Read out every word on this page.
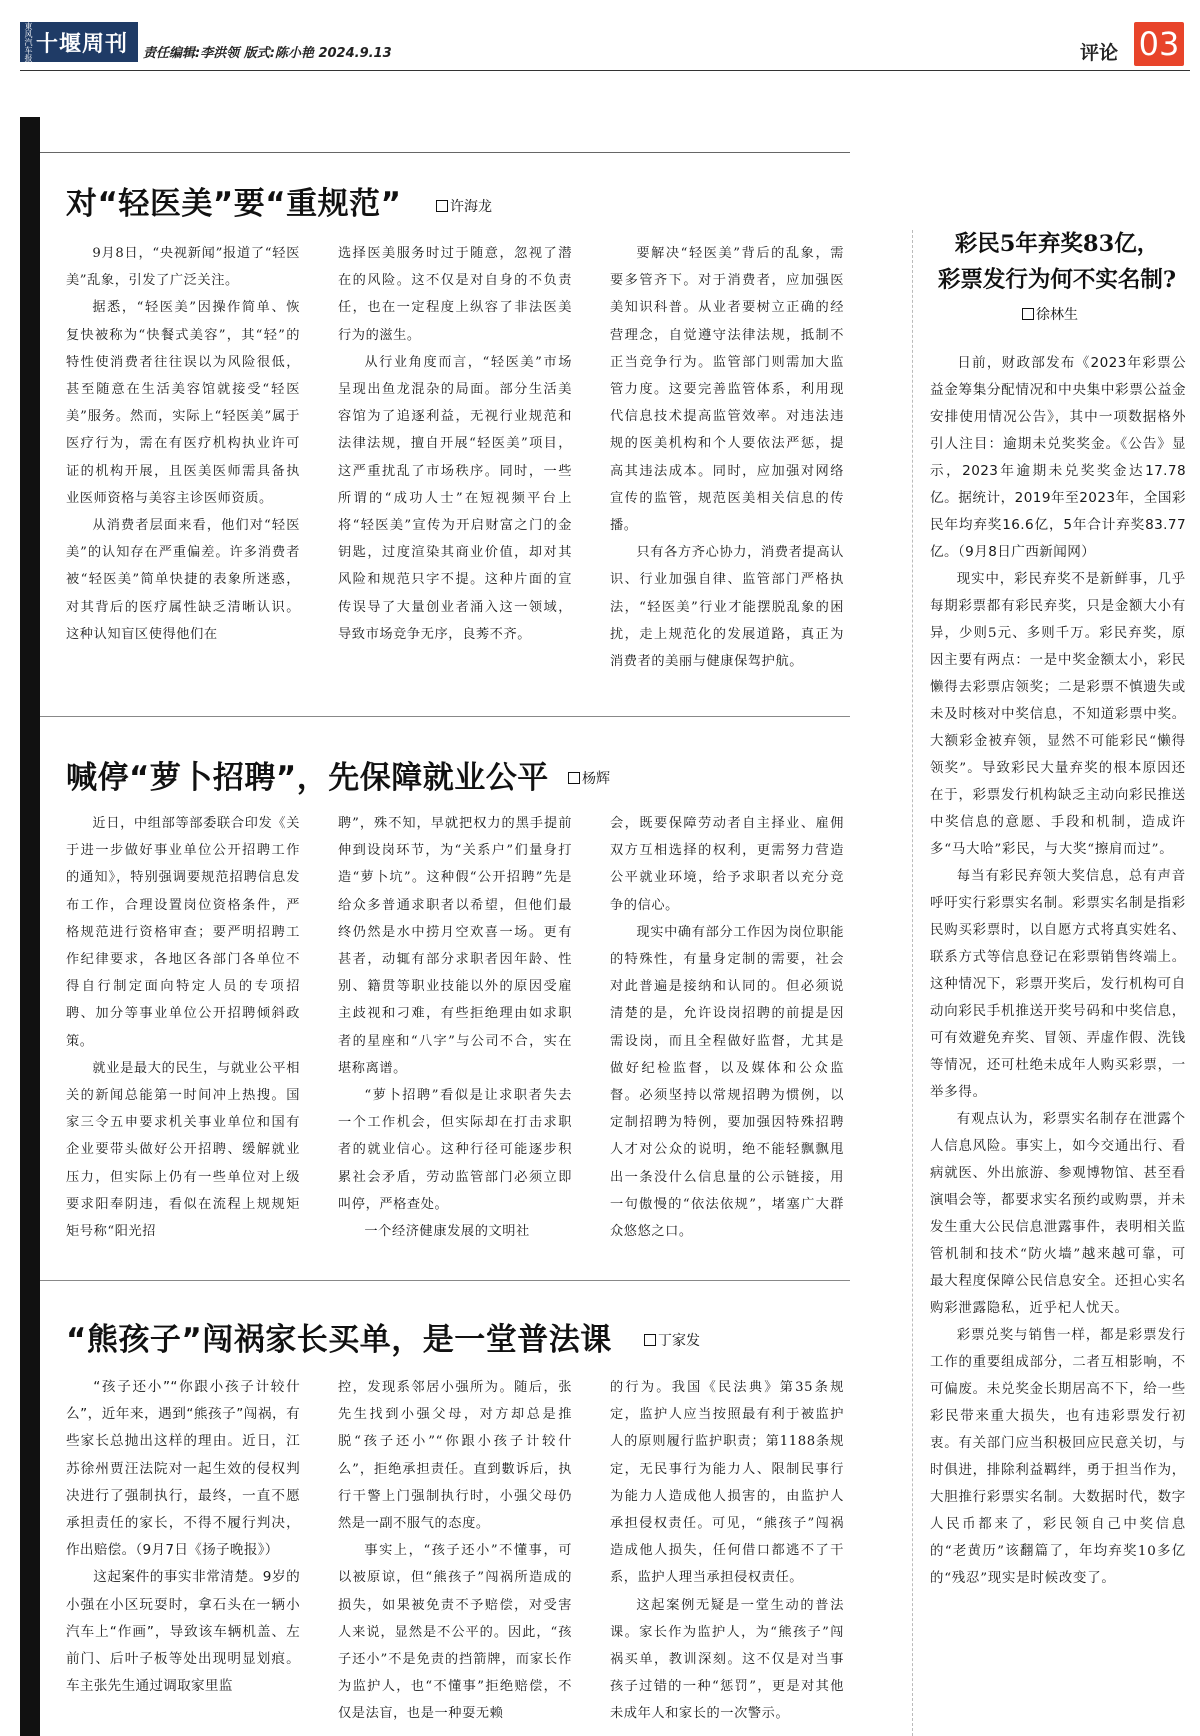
東风汽车报 十堰周刊 责任编辑:李洪领 版式:陈小艳 2024.9.13	评论 03
对“轻医美”要“重规范”	许海龙

9月8日，“央视新闻”报道了“轻医美”乱象，引发了广泛关注。

据悉，“轻医美”因操作简单、恢复快被称为“快餐式美容”，其“轻”的特性使消费者往往误以为风险很低，甚至随意在生活美容馆就接受“轻医美”服务。然而，实际上“轻医美”属于医疗行为，需在有医疗机构执业许可证的机构开展，且医美医师需具备执业医师资格与美容主诊医师资质。

从消费者层面来看，他们对“轻医美”的认知存在严重偏差。许多消费者被“轻医美”简单快捷的表象所迷惑，对其背后的医疗属性缺乏清晰认识。这种认知盲区使得他们在

选择医美服务时过于随意，忽视了潜在的风险。这不仅是对自身的不负责任，也在一定程度上纵容了非法医美行为的滋生。

从行业角度而言，“轻医美”市场呈现出鱼龙混杂的局面。部分生活美容馆为了追逐利益，无视行业规范和法律法规，擅自开展“轻医美”项目，这严重扰乱了市场秩序。同时，一些所谓的“成功人士”在短视频平台上将“轻医美”宣传为开启财富之门的金钥匙，过度渲染其商业价值，却对其风险和规范只字不提。这种片面的宣传误导了大量创业者涌入这一领域，导致市场竞争无序，良莠不齐。

要解决“轻医美”背后的乱象，需要多管齐下。对于消费者，应加强医美知识科普。从业者要树立正确的经营理念，自觉遵守法律法规，抵制不正当竞争行为。监管部门则需加大监管力度。这要完善监管体系，利用现代信息技术提高监管效率。对违法违规的医美机构和个人要依法严惩，提高其违法成本。同时，应加强对网络宣传的监管，规范医美相关信息的传播。

只有各方齐心协力，消费者提高认识、行业加强自律、监管部门严格执法，“轻医美”行业才能摆脱乱象的困扰，走上规范化的发展道路，真正为消费者的美丽与健康保驾护航。

喊停“萝卜招聘”，先保障就业公平	杨辉

近日，中组部等部委联合印发《关于进一步做好事业单位公开招聘工作的通知》，特别强调要规范招聘信息发布工作，合理设置岗位资格条件，严格规范进行资格审查；要严明招聘工作纪律要求，各地区各部门各单位不得自行制定面向特定人员的专项招聘、加分等事业单位公开招聘倾斜政策。

就业是最大的民生，与就业公平相关的新闻总能第一时间冲上热搜。国家三令五申要求机关事业单位和国有企业要带头做好公开招聘、缓解就业压力，但实际上仍有一些单位对上级要求阳奉阴违，看似在流程上规规矩矩号称“阳光招

聘”，殊不知，早就把权力的黑手提前伸到设岗环节，为“关系户”们量身打造“萝卜坑”。这种假“公开招聘”先是给众多普通求职者以希望，但他们最终仍然是水中捞月空欢喜一场。更有甚者，动辄有部分求职者因年龄、性别、籍贯等职业技能以外的原因受雇主歧视和刁难，有些拒绝理由如求职者的星座和“八字”与公司不合，实在堪称离谱。

“萝卜招聘”看似是让求职者失去一个工作机会，但实际却在打击求职者的就业信心。这种行径可能逐步积累社会矛盾，劳动监管部门必须立即叫停，严格查处。

一个经济健康发展的文明社

会，既要保障劳动者自主择业、雇佣双方互相选择的权利，更需努力营造公平就业环境，给予求职者以充分竞争的信心。

现实中确有部分工作因为岗位职能的特殊性，有量身定制的需要，社会对此普遍是接纳和认同的。但必须说清楚的是，允许设岗招聘的前提是因需设岗，而且全程做好监督，尤其是做好纪检监督，以及媒体和公众监督。必须坚持以常规招聘为惯例，以定制招聘为特例，要加强因特殊招聘人才对公众的说明，绝不能轻飘飘甩出一条没什么信息量的公示链接，用一句傲慢的“依法依规”，堵塞广大群众悠悠之口。

“熊孩子”闯祸家长买单，是一堂普法课	丁家发

“孩子还小”“你跟小孩子计较什么”，近年来，遇到“熊孩子”闯祸，有些家长总抛出这样的理由。近日，江苏徐州贾汪法院对一起生效的侵权判决进行了强制执行，最终，一直不愿承担责任的家长，不得不履行判决，作出赔偿。（9月7日《扬子晚报》）

这起案件的事实非常清楚。9岁的小强在小区玩耍时，拿石头在一辆小汽车上“作画”，导致该车辆机盖、左前门、后叶子板等处出现明显划痕。车主张先生通过调取家里监

控，发现系邻居小强所为。随后，张先生找到小强父母，对方却总是推脱“孩子还小”“你跟小孩子计较什么”，拒绝承担责任。直到數诉后，执行干警上门强制执行时，小强父母仍然是一副不服气的态度。

事实上，“孩子还小”不懂事，可以被原谅，但“熊孩子”闯祸所造成的损失，如果被免责不予赔偿，对受害人来说，显然是不公平的。因此，“孩子还小”不是免责的挡箭牌，而家长作为监护人，也“不懂事”拒绝赔偿，不仅是法盲，也是一种耍无赖

的行为。我国《民法典》第35条规定，监护人应当按照最有利于被监护人的原则履行监护职责；第1188条规定，无民事行为能力人、限制民事行为能力人造成他人损害的，由监护人承担侵权责任。可见，“熊孩子”闯祸造成他人损失，任何借口都逃不了干系，监护人理当承担侵权责任。

这起案例无疑是一堂生动的普法课。家长作为监护人，为“熊孩子”闯祸买单，教训深刻。这不仅是对当事孩子过错的一种“惩罚”，更是对其他未成年人和家长的一次警示。

彩民5年弃奖83亿，
彩票发行为何不实名制?
徐林生

日前，财政部发布《2023年彩票公益金筹集分配情况和中央集中彩票公益金安排使用情况公告》，其中一项数据格外引人注目：逾期未兑奖奖金。《公告》显示，2023年逾期未兑奖奖金达17.78亿。据统计，2019年至2023年，全国彩民年均弃奖16.6亿，5年合计弃奖83.77亿。（9月8日广西新闻网）

现实中，彩民弃奖不是新鲜事，几乎每期彩票都有彩民弃奖，只是金额大小有异，少则5元、多则千万。彩民弃奖，原因主要有两点：一是中奖金额太小，彩民懒得去彩票店领奖；二是彩票不慎遗失或未及时核对中奖信息，不知道彩票中奖。大额彩金被弃领，显然不可能彩民“懒得领奖”。导致彩民大量弃奖的根本原因还在于，彩票发行机构缺乏主动向彩民推送中奖信息的意愿、手段和机制，造成许多“马大哈”彩民，与大奖“擦肩而过”。

每当有彩民弃领大奖信息，总有声音呼吁实行彩票实名制。彩票实名制是指彩民购买彩票时，以自愿方式将真实姓名、联系方式等信息登记在彩票销售终端上。这种情况下，彩票开奖后，发行机构可自动向彩民手机推送开奖号码和中奖信息，可有效避免弃奖、冒领、弄虚作假、洗钱等情况，还可杜绝未成年人购买彩票，一举多得。

有观点认为，彩票实名制存在泄露个人信息风险。事实上，如今交通出行、看病就医、外出旅游、参观博物馆、甚至看演唱会等，都要求实名预约或购票，并未发生重大公民信息泄露事件，表明相关监管机制和技术“防火墙”越来越可靠，可最大程度保障公民信息安全。还担心实名购彩泄露隐私，近乎杞人忧天。

彩票兑奖与销售一样，都是彩票发行工作的重要组成部分，二者互相影响，不可偏废。未兑奖金长期居高不下，给一些彩民带来重大损失，也有违彩票发行初衷。有关部门应当积极回应民意关切，与时俱进，排除利益羁绊，勇于担当作为，大胆推行彩票实名制。大数据时代，数字人民币都来了，彩民领自己中奖信息的“老黄历”该翻篇了，年均弃奖10多亿的“残忍”现实是时候改变了。
